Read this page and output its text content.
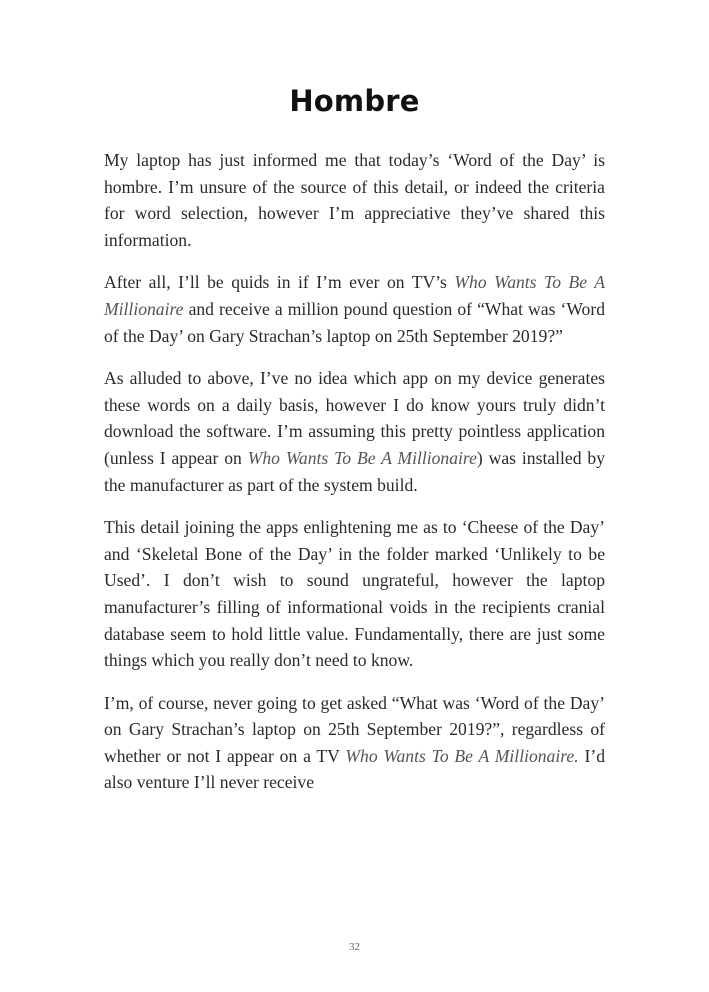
Hombre

My laptop has just informed me that today’s ‘Word of the Day’ is hombre. I’m unsure of the source of this detail, or indeed the criteria for word selection, however I’m appreciative they’ve shared this information.

After all, I’ll be quids in if I’m ever on TV’s Who Wants To Be A Millionaire and receive a million pound question of “What was ‘Word of the Day’ on Gary Strachan’s laptop on 25th September 2019?”

As alluded to above, I’ve no idea which app on my device generates these words on a daily basis, however I do know yours truly didn’t download the software. I’m assuming this pretty pointless application (unless I appear on Who Wants To Be A Millionaire) was installed by the manufacturer as part of the system build.

This detail joining the apps enlightening me as to ‘Cheese of the Day’ and ‘Skeletal Bone of the Day’ in the folder marked ‘Unlikely to be Used’. I don’t wish to sound ungrateful, however the laptop manufacturer’s filling of informational voids in the recipients cranial database seem to hold little value. Fundamentally, there are just some things which you really don’t need to know.

I’m, of course, never going to get asked “What was ‘Word of the Day’ on Gary Strachan’s laptop on 25th September 2019?”, regardless of whether or not I appear on a TV Who Wants To Be A Millionaire. I’d also venture I’ll never receive

32
